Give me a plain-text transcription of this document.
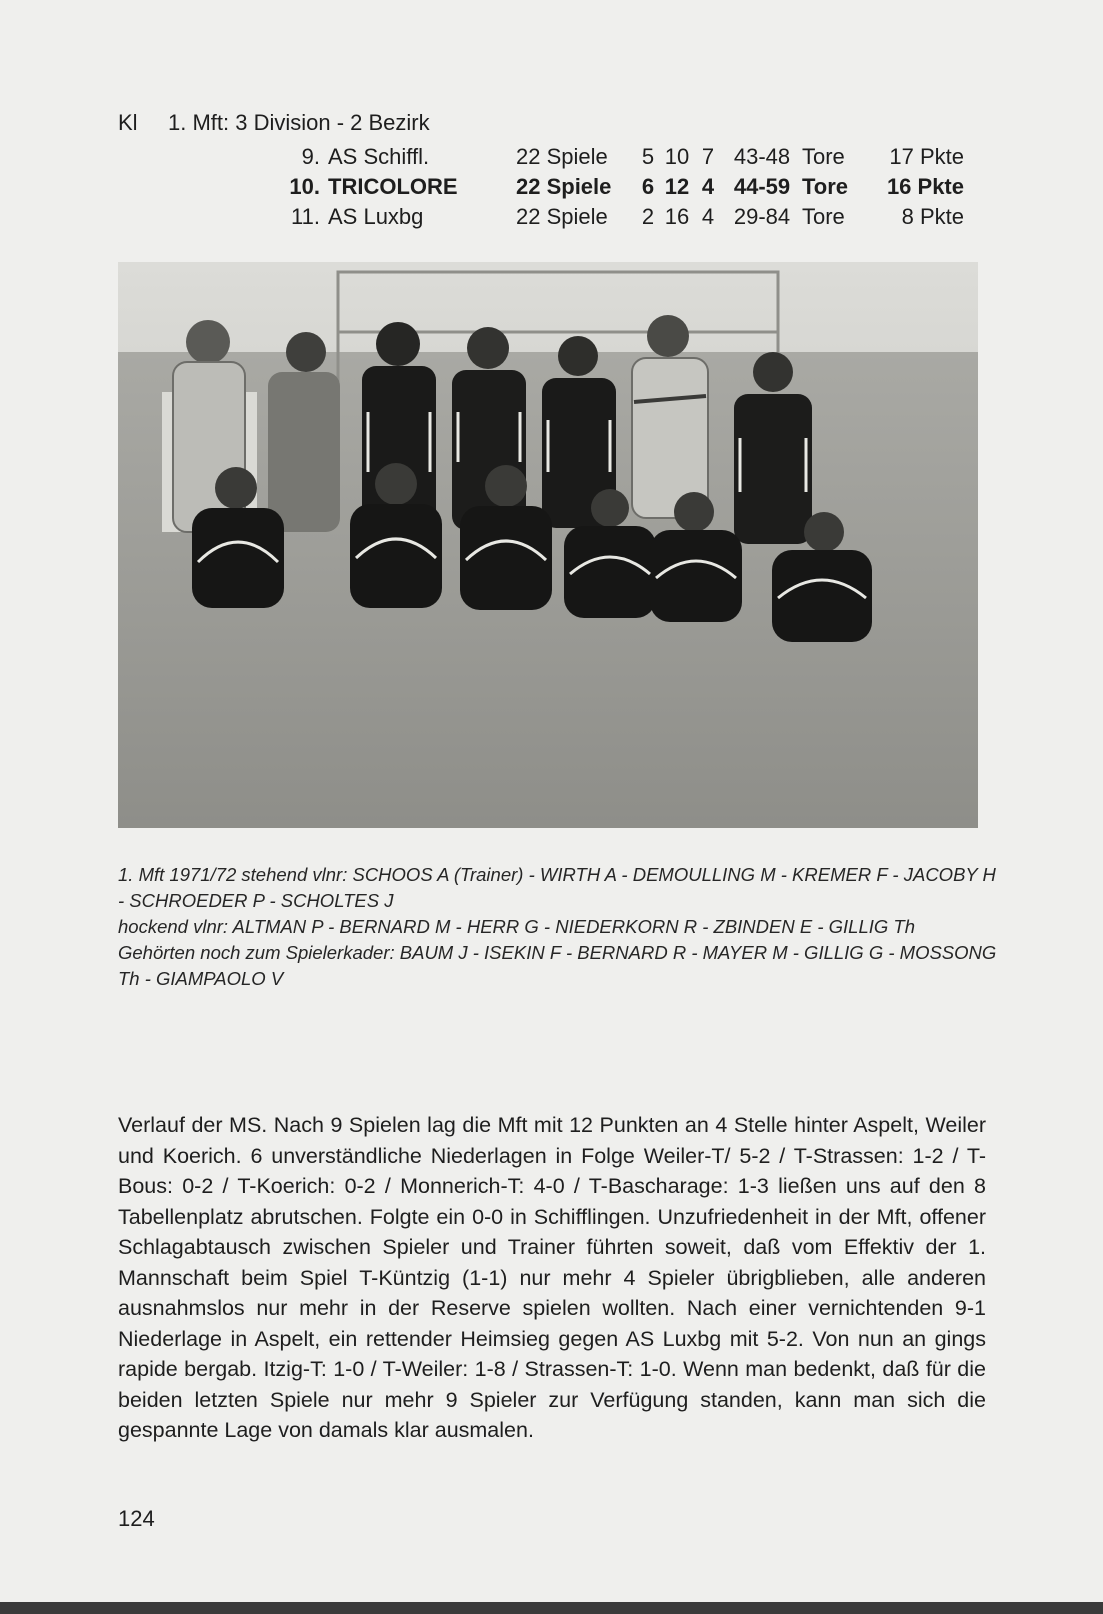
Kl 1. Mft: 3 Division - 2 Bezirk
9. AS Schiffl.	22 Spiele	5 10 7 43-48 Tore	17 Pkte
10. TRICOLORE	22 Spiele	6 12 4 44-59 Tore	16 Pkte
11. AS Luxbg	22 Spiele	2 16 4 29-84 Tore	8 Pkte

1. Mft 1971/72 stehend vlnr: SCHOOS A (Trainer) - WIRTH A - DEMOULLING M - KREMER F - JACOBY H - SCHROEDER P - SCHOLTES J

hockend vlnr: ALTMAN P - BERNARD M - HERR G - NIEDERKORN R - ZBINDEN E - GILLIG Th

Gehörten noch zum Spielerkader: BAUM J - ISEKIN F - BERNARD R - MAYER M - GILLIG G - MOSSONG Th - GIAMPAOLO V

Verlauf der MS. Nach 9 Spielen lag die Mft mit 12 Punkten an 4 Stelle hinter Aspelt, Weiler und Koerich. 6 unverständliche Niederlagen in Folge Weiler-T/ 5-2 / T-Strassen: 1-2 / T-Bous: 0-2 / T-Koerich: 0-2 / Monnerich-T: 4-0 / T-Bascharage: 1-3 ließen uns auf den 8 Tabellenplatz abrutschen. Folgte ein 0-0 in Schifflingen. Unzufriedenheit in der Mft, offener Schlagabtausch zwischen Spieler und Trainer führten soweit, daß vom Effektiv der 1. Mannschaft beim Spiel T-Küntzig (1-1) nur mehr 4 Spieler übrigblieben, alle anderen ausnahmslos nur mehr in der Reserve spielen wollten. Nach einer vernichtenden 9-1 Niederlage in Aspelt, ein rettender Heimsieg gegen AS Luxbg mit 5-2. Von nun an gings rapide bergab. Itzig-T: 1-0 / T-Weiler: 1-8 / Strassen-T: 1-0. Wenn man bedenkt, daß für die beiden letzten Spiele nur mehr 9 Spieler zur Verfügung standen, kann man sich die gespannte Lage von damals klar ausmalen.
124
